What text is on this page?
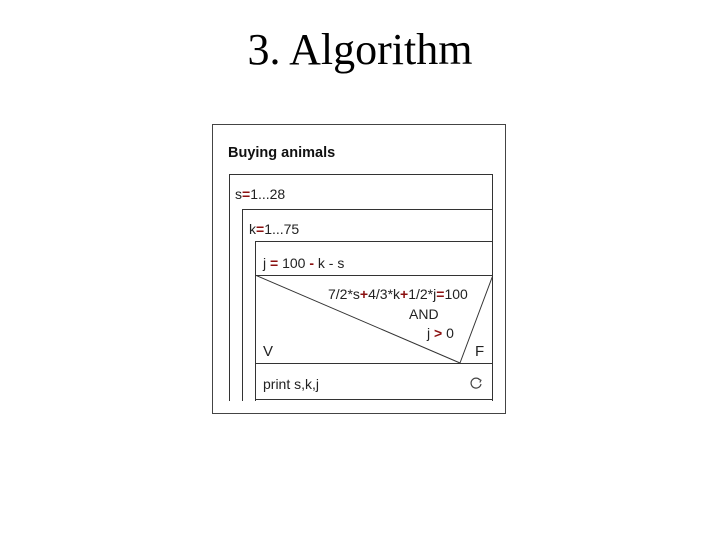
3. Algorithm
Buying animals
s=1...28
k=1...75
j = 100 - k - s
7/2*s+4/3*k+1/2*j=100
AND
j > 0
V	F
print s,k,j
